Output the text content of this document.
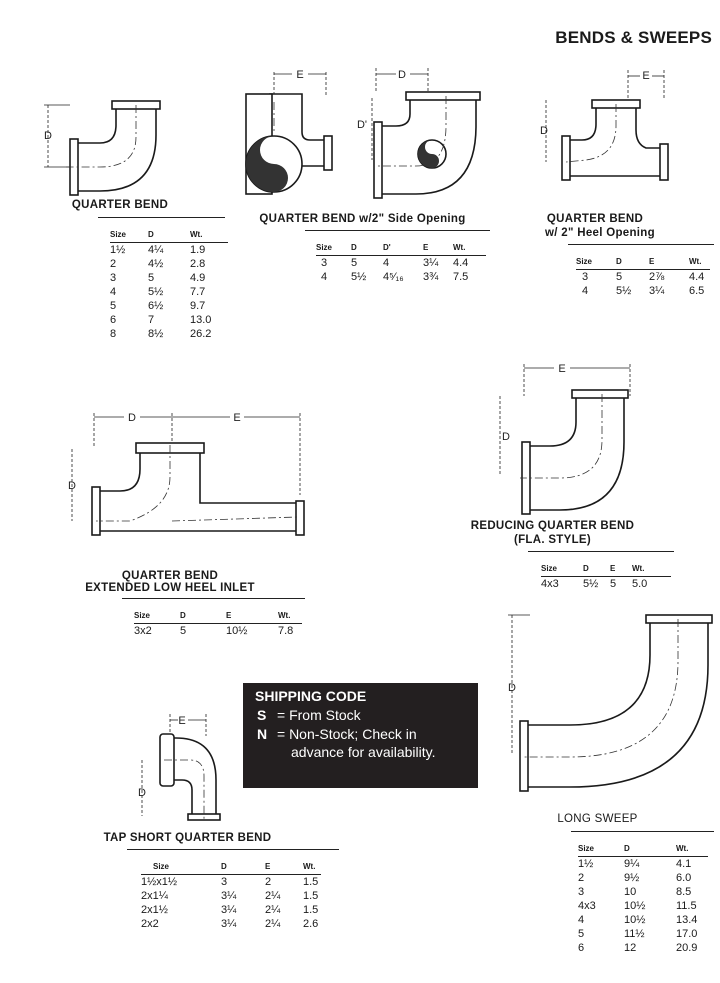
BENDS & SWEEPS
D
QUARTER BEND
Size	D	Wt.
1½	4¼	1.9
2	4½	2.8
3	5	4.9
4	5½	7.7
5	6½	9.7
6	7	13.0
8	8½	26.2
E	D
D'
QUARTER BEND w/2" Side Opening
Size	D	D'	E	Wt.
3	5	4	3¼	4.4
4	5½	4⁵⁄₁₆	3¾	7.5
E
D
QUARTER BEND
w/ 2" Heel Opening
Size	D	E	Wt.
3	5	2⅞	4.4
4	5½	3¼	6.5
D	E
D
QUARTER BEND
EXTENDED LOW HEEL INLET
Size	D	E	Wt.
3x2	5	10½	7.8
E
D
REDUCING QUARTER BEND
(FLA. STYLE)
Size	D	E	Wt.
4x3	5½	5	5.0
SHIPPING CODE
S = From Stock
N = Non-Stock; Check in
advance for availability.
E
D
TAP SHORT QUARTER BEND
Size	D	E	Wt.
1½x1½	3	2	1.5
2x1¼	3¼	2¼	1.5
2x1½	3¼	2¼	1.5
2x2	3¼	2¼	2.6
D
LONG SWEEP
Size	D	Wt.
1½	9¼	4.1
2	9½	6.0
3	10	8.5
4x3	10½	11.5
4	10½	13.4
5	11½	17.0
6	12	20.9
